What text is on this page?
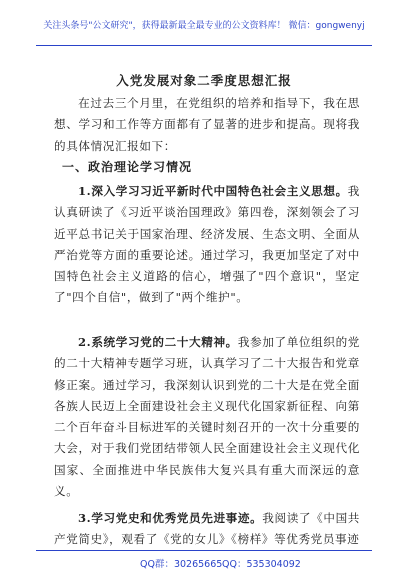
关注头条号"公文研究"，获得最新最全最专业的公文资料库！ 微信：gongwenyj
入党发展对象二季度思想汇报
在过去三个月里，在党组织的培养和指导下，我在思想、学习和工作等方面都有了显著的进步和提高。现将我的具体情况汇报如下：
一、政治理论学习情况
1.深入学习习近平新时代中国特色社会主义思想。我认真研读了《习近平谈治国理政》第四卷，深刻领会了习近平总书记关于国家治理、经济发展、生态文明、全面从严治党等方面的重要论述。通过学习，我更加坚定了对中国特色社会主义道路的信心，增强了"四个意识"，坚定了"四个自信"，做到了"两个维护"。
2.系统学习党的二十大精神。我参加了单位组织的党的二十大精神专题学习班，认真学习了二十大报告和党章修正案。通过学习，我深刻认识到党的二十大是在党全面各族人民迈上全面建设社会主义现代化国家新征程、向第二个百年奋斗目标进军的关键时刻召开的一次十分重要的大会，对于我们党团结带领人民全面建设社会主义现代化国家、全面推进中华民族伟大复兴具有重大而深远的意义。
3.学习党史和优秀党员先进事迹。我阅读了《中国共产党简史》，观看了《党的女儿》《榜样》等优秀党员事迹
QQ群：30265665 QQ：535304092
